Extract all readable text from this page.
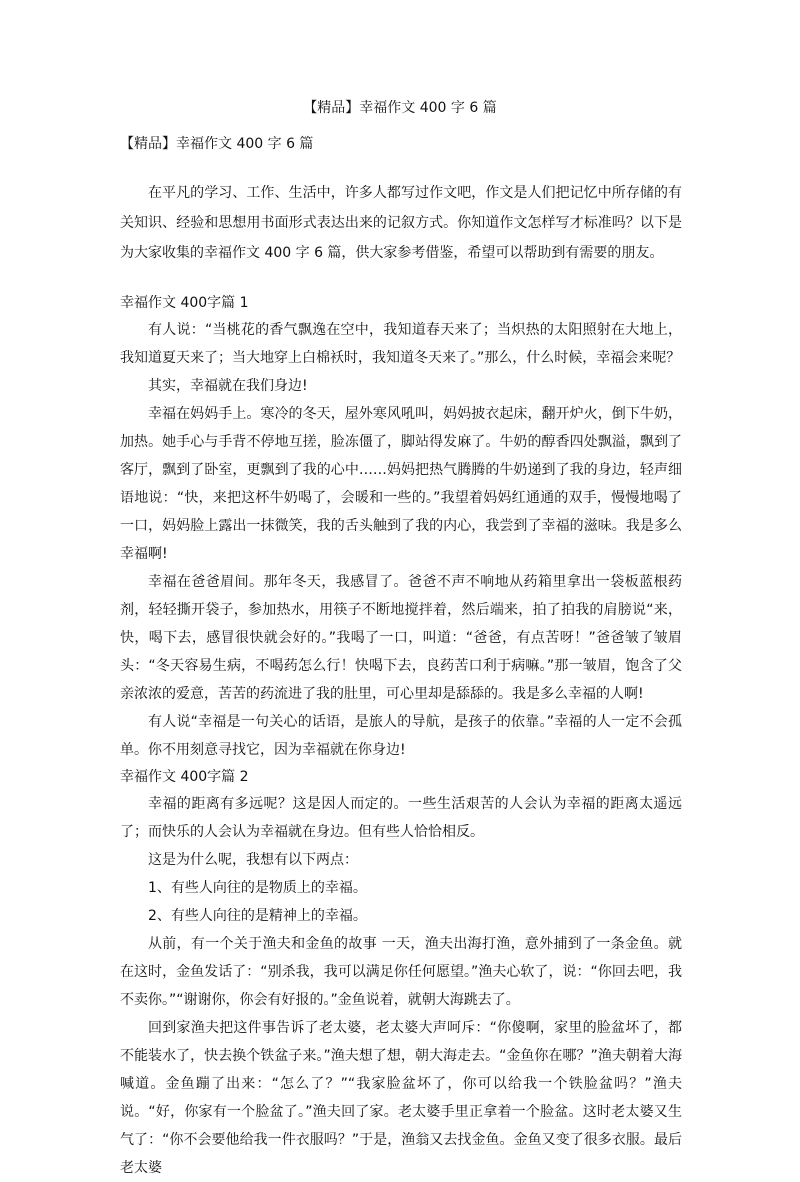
【精品】幸福作文 400 字 6 篇
【精品】幸福作文 400 字 6 篇

在平凡的学习、工作、生活中，许多人都写过作文吧，作文是人们把记忆中所存储的有关知识、经验和思想用书面形式表达出来的记叙方式。你知道作文怎样写才标准吗？以下是为大家收集的幸福作文 400 字 6 篇，供大家参考借鉴，希望可以帮助到有需要的朋友。

幸福作文 400字篇 1

有人说：“当桃花的香气飘逸在空中，我知道春天来了；当炽热的太阳照射在大地上，我知道夏天来了；当大地穿上白棉袄时，我知道冬天来了。”那么，什么时候，幸福会来呢？

其实，幸福就在我们身边!

幸福在妈妈手上。寒冷的冬天，屋外寒风吼叫，妈妈披衣起床，翻开炉火，倒下牛奶，加热。她手心与手背不停地互搓，脸冻僵了，脚站得发麻了。牛奶的醇香四处飘溢，飘到了客厅，飘到了卧室，更飘到了我的心中……妈妈把热气腾腾的牛奶递到了我的身边，轻声细语地说：“快，来把这杯牛奶喝了，会暖和一些的。”我望着妈妈红通通的双手，慢慢地喝了一口，妈妈脸上露出一抹微笑，我的舌头触到了我的内心，我尝到了幸福的滋味。我是多么幸福啊!

幸福在爸爸眉间。那年冬天，我感冒了。爸爸不声不响地从药箱里拿出一袋板蓝根药剂，轻轻撕开袋子，参加热水，用筷子不断地搅拌着，然后端来，拍了拍我的肩膀说“来，快，喝下去，感冒很快就会好的。”我喝了一口，叫道：“爸爸，有点苦呀！”爸爸皱了皱眉头：“冬天容易生病，不喝药怎么行！快喝下去，良药苦口利于病嘛。”那一皱眉，饱含了父亲浓浓的爱意，苦苦的药流进了我的肚里，可心里却是舔舔的。我是多么幸福的人啊!

有人说“幸福是一句关心的话语，是旅人的导航，是孩子的依靠。”幸福的人一定不会孤单。你不用刻意寻找它，因为幸福就在你身边!

幸福作文 400字篇 2

幸福的距离有多远呢？这是因人而定的。一些生活艰苦的人会认为幸福的距离太遥远了；而快乐的人会认为幸福就在身边。但有些人恰恰相反。

这是为什么呢，我想有以下两点：

1、有些人向往的是物质上的幸福。

2、有些人向往的是精神上的幸福。

从前，有一个关于渔夫和金鱼的故事 一天，渔夫出海打渔，意外捕到了一条金鱼。就在这时，金鱼发话了：“别杀我，我可以满足你任何愿望。”渔夫心软了，说：“你回去吧，我不卖你。”“谢谢你，你会有好报的。”金鱼说着，就朝大海跳去了。

回到家渔夫把这件事告诉了老太婆，老太婆大声呵斥：“你傻啊，家里的脸盆坏了，都不能装水了，快去换个铁盆子来。”渔夫想了想，朝大海走去。“金鱼你在哪？”渔夫朝着大海喊道。金鱼蹦了出来：“怎么了？”“我家脸盆坏了，你可以给我一个铁脸盆吗？”渔夫说。“好，你家有一个脸盆了。”渔夫回了家。老太婆手里正拿着一个脸盆。这时老太婆又生气了：“你不会要他给我一件衣服吗？”于是，渔翁又去找金鱼。金鱼又变了很多衣服。最后老太婆
